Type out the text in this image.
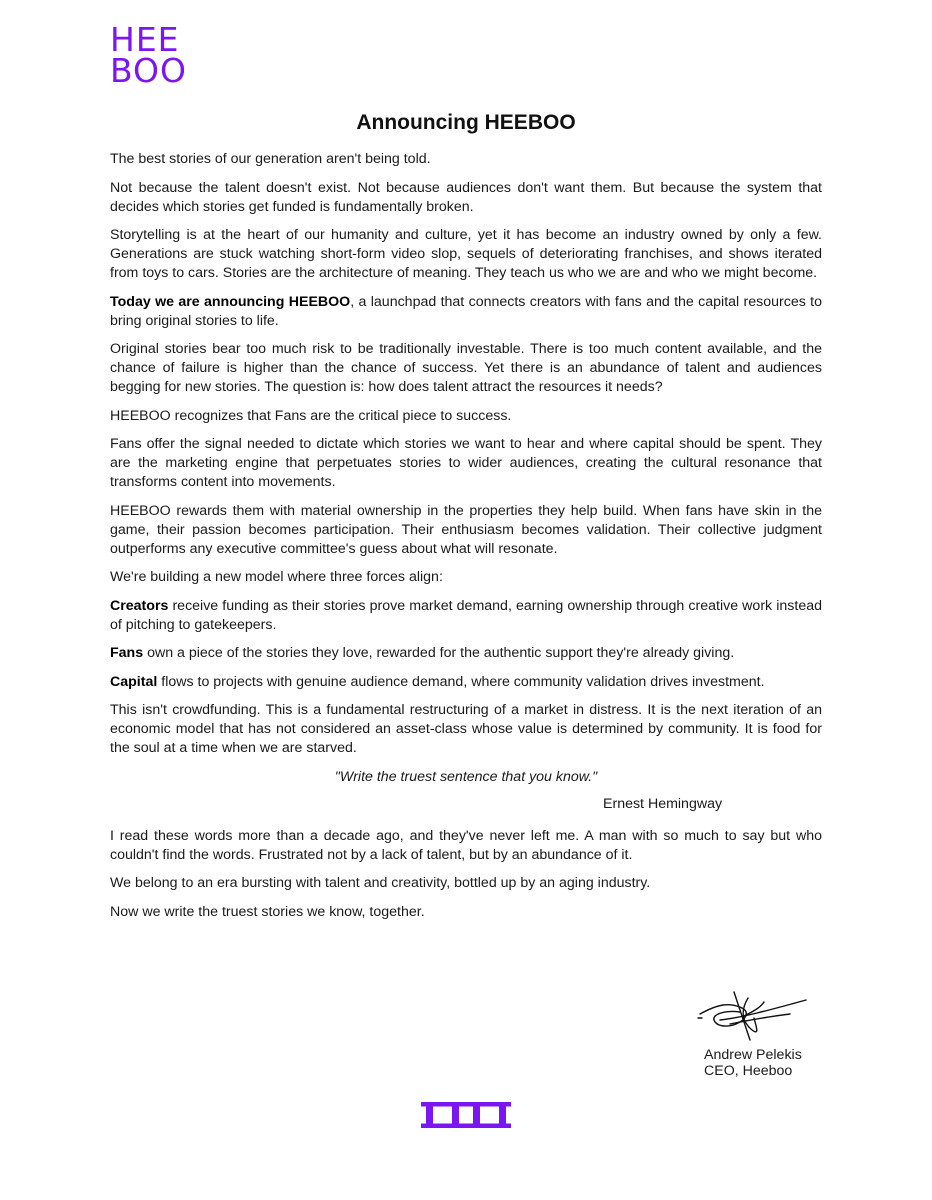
HEE
BOO
Announcing HEEBOO

The best stories of our generation aren't being told.

Not because the talent doesn't exist. Not because audiences don't want them. But because the system that decides which stories get funded is fundamentally broken.

Storytelling is at the heart of our humanity and culture, yet it has become an industry owned by only a few. Generations are stuck watching short-form video slop, sequels of deteriorating franchises, and shows iterated from toys to cars. Stories are the architecture of meaning. They teach us who we are and who we might become.

Today we are announcing HEEBOO, a launchpad that connects creators with fans and the capital resources to bring original stories to life.

Original stories bear too much risk to be traditionally investable. There is too much content available, and the chance of failure is higher than the chance of success. Yet there is an abundance of talent and audiences begging for new stories. The question is: how does talent attract the resources it needs?

HEEBOO recognizes that Fans are the critical piece to success.

Fans offer the signal needed to dictate which stories we want to hear and where capital should be spent. They are the marketing engine that perpetuates stories to wider audiences, creating the cultural resonance that transforms content into movements.

HEEBOO rewards them with material ownership in the properties they help build. When fans have skin in the game, their passion becomes participation. Their enthusiasm becomes validation. Their collective judgment outperforms any executive committee's guess about what will resonate.

We're building a new model where three forces align:

Creators receive funding as their stories prove market demand, earning ownership through creative work instead of pitching to gatekeepers.

Fans own a piece of the stories they love, rewarded for the authentic support they're already giving.

Capital flows to projects with genuine audience demand, where community validation drives investment.

This isn't crowdfunding. This is a fundamental restructuring of a market in distress. It is the next iteration of an economic model that has not considered an asset-class whose value is determined by community. It is food for the soul at a time when we are starved.

"Write the truest sentence that you know."

Ernest Hemingway

I read these words more than a decade ago, and they've never left me. A man with so much to say but who couldn't find the words. Frustrated not by a lack of talent, but by an abundance of it.

We belong to an era bursting with talent and creativity, bottled up by an aging industry.

Now we write the truest stories we know, together.

Andrew Pelekis
CEO, Heeboo
